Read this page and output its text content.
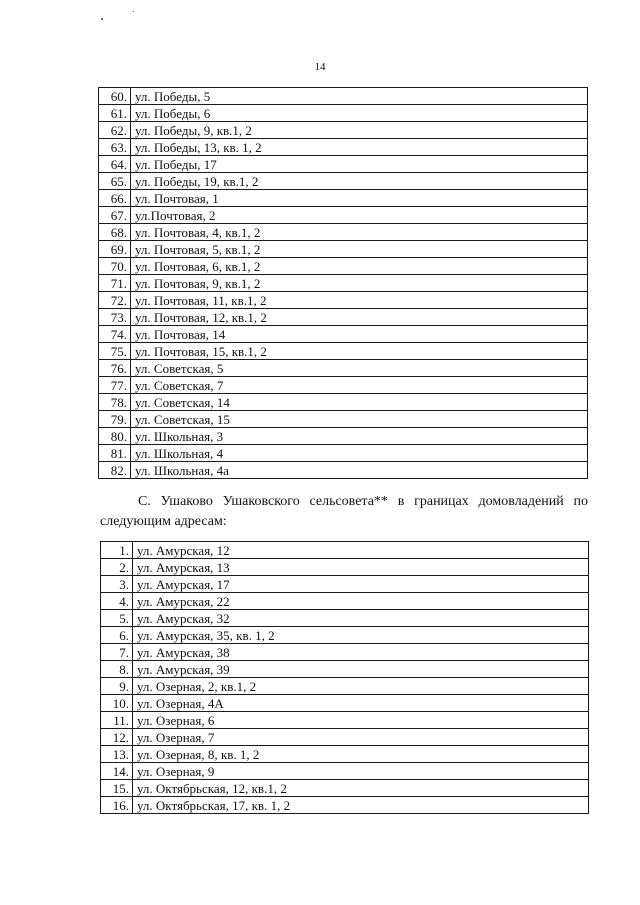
14
60.	ул. Победы, 5
61.	ул. Победы, 6
62.	ул. Победы, 9, кв.1, 2
63.	ул. Победы, 13, кв. 1, 2
64.	ул. Победы, 17
65.	ул. Победы, 19, кв.1, 2
66.	ул. Почтовая, 1
67.	ул.Почтовая, 2
68.	ул. Почтовая, 4, кв.1, 2
69.	ул. Почтовая, 5, кв.1, 2
70.	ул. Почтовая, 6, кв.1, 2
71.	ул. Почтовая, 9, кв.1, 2
72.	ул. Почтовая, 11, кв.1, 2
73.	ул. Почтовая, 12, кв.1, 2
74.	ул. Почтовая, 14
75.	ул. Почтовая, 15, кв.1, 2
76.	ул. Советская, 5
77.	ул. Советская, 7
78.	ул. Советская, 14
79.	ул. Советская, 15
80.	ул. Школьная, 3
81.	ул. Школьная, 4
82.	ул. Школьная, 4а
С. Ушаково Ушаковского сельсовета** в границах домовладений по следующим адресам:
1.	ул. Амурская, 12
2.	ул. Амурская, 13
3.	ул. Амурская, 17
4.	ул. Амурская, 22
5.	ул. Амурская, 32
6.	ул. Амурская, 35, кв. 1, 2
7.	ул. Амурская, 38
8.	ул. Амурская, 39
9.	ул. Озерная, 2, кв.1, 2
10.	ул. Озерная, 4А
11.	ул. Озерная, 6
12.	ул. Озерная, 7
13.	ул. Озерная, 8, кв. 1, 2
14.	ул. Озерная, 9
15.	ул. Октябрьская, 12, кв.1, 2
16.	ул. Октябрьская, 17, кв. 1, 2
